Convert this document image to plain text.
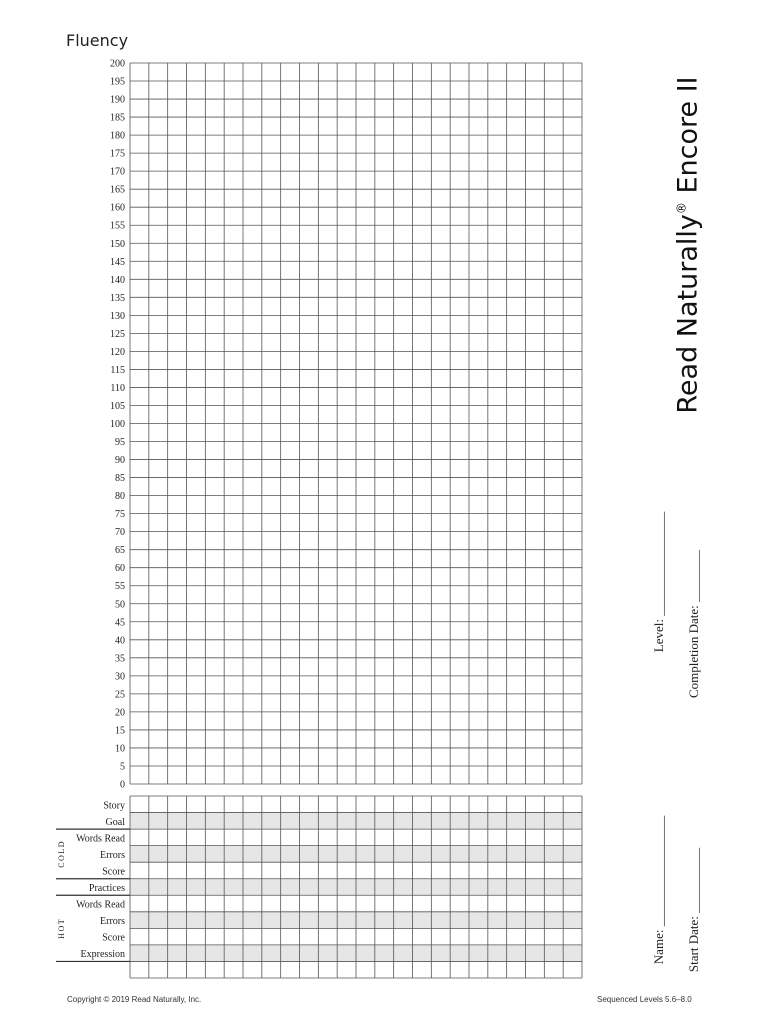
Fluency
200
195
190
185
180
175
170
165
160
155
150
145
140
135
130
125
120
115
110
105
100
95
90
85
80
75
70
65
60
55
50
45
40
35
30
25
20
15
10
5
0
Story
Goal
Words Read
Errors
Score
Practices
Words Read
Errors
Score
Expression
COLD
HOT
Read Naturally® Encore II
Level: ________________ Completion Date: ________
Name: _________________ Start Date: __________
Copyright © 2019 Read Naturally, Inc.	Sequenced Levels 5.6–8.0
